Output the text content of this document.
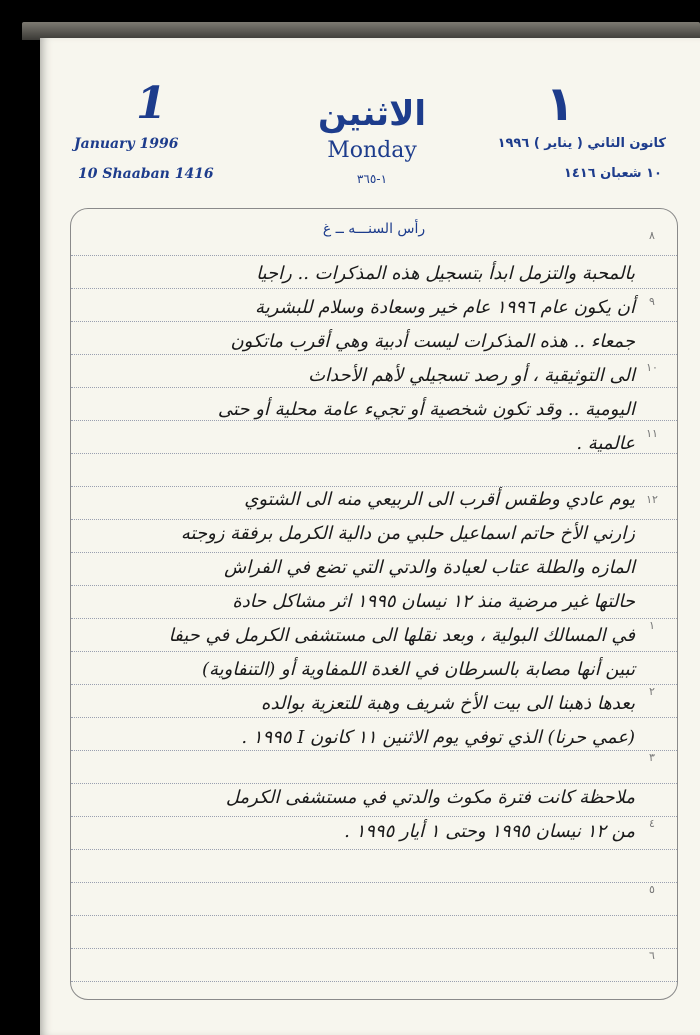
1
January 1996
10 Shaaban 1416
الاثنين
Monday
١-٣٦٥
١
كانون الثاني ( يناير ) ١٩٩٦
١٠ شعبان ١٤١٦
رأس السنـــه ــ غ	٨
٩
١٠
١١
١٢
١
٢
٣
٤
٥
٦
بالمحبة والتزمل ابدأ بتسجيل هذه المذكرات .. راجيا
أن يكون عام ١٩٩٦ عام خير وسعادة وسلام للبشرية
جمعاء .. هذه المذكرات ليست أدبية وهي أقرب ماتكون
الى التوثيقية ، أو رصد تسجيلي لأهم الأحداث
اليومية .. وقد تكون شخصية أو تجيء عامة محلية أو حتى
عالمية .
يوم عادي وطقس أقرب الى الربيعي منه الى الشتوي
زارني الأخ حاتم اسماعيل حلبي من دالية الكرمل برفقة زوجته
المازه والطلة عتاب لعيادة والدتي التي تضع في الفراش
حالتها غير مرضية منذ ١٢ نيسان ١٩٩٥ اثر مشاكل حادة
في المسالك البولية ، وبعد نقلها الى مستشفى الكرمل في حيفا
تبين أنها مصابة بالسرطان في الغدة اللمفاوية أو (التنفاوية)
بعدها ذهبنا الى بيت الأخ شريف وهبة للتعزية بوالده
(عمي حرنا) الذي توفي يوم الاثنين ١١ كانون I ١٩٩٥ .
ملاحظة كانت فترة مكوث والدتي في مستشفى الكرمل
من ١٢ نيسان ١٩٩٥ وحتى ١ أيار ١٩٩٥ .
